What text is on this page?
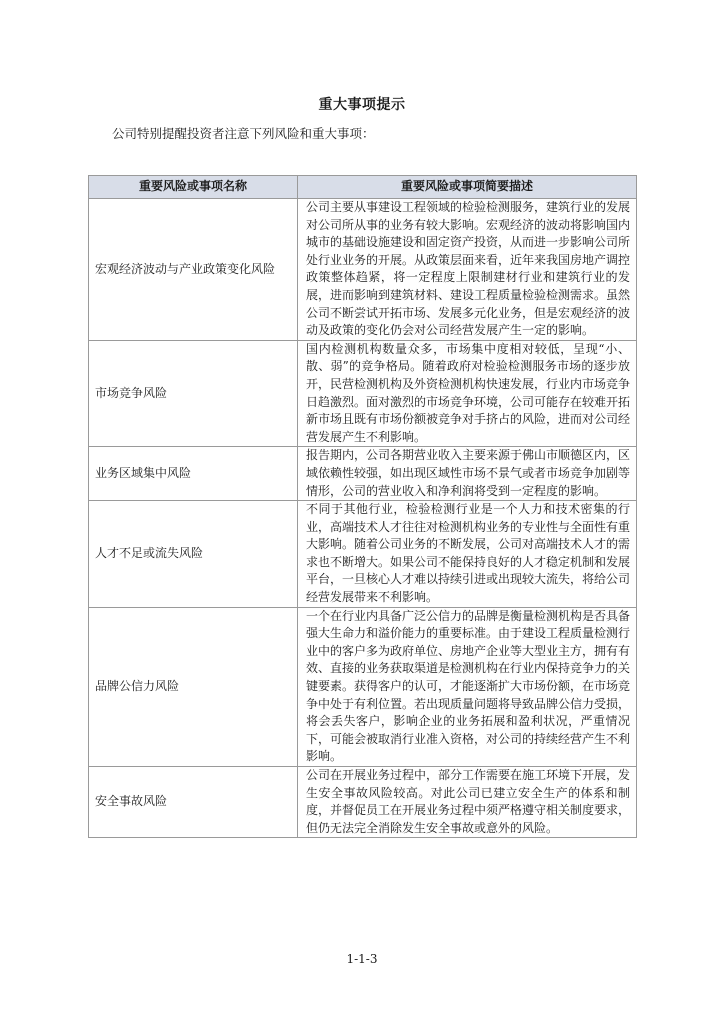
重大事项提示
公司特别提醒投资者注意下列风险和重大事项：
重要风险或事项名称	重要风险或事项简要描述
宏观经济波动与产业政策变化风险	公司主要从事建设工程领域的检验检测服务，建筑行业的发展对公司所从事的业务有较大影响。宏观经济的波动将影响国内城市的基础设施建设和固定资产投资，从而进一步影响公司所处行业业务的开展。从政策层面来看，近年来我国房地产调控政策整体趋紧，将一定程度上限制建材行业和建筑行业的发展，进而影响到建筑材料、建设工程质量检验检测需求。虽然公司不断尝试开拓市场、发展多元化业务，但是宏观经济的波动及政策的变化仍会对公司经营发展产生一定的影响。
市场竞争风险	国内检测机构数量众多，市场集中度相对较低，呈现“小、散、弱”的竞争格局。随着政府对检验检测服务市场的逐步放开，民营检测机构及外资检测机构快速发展，行业内市场竞争日趋激烈。面对激烈的市场竞争环境，公司可能存在较难开拓新市场且既有市场份额被竞争对手挤占的风险，进而对公司经营发展产生不利影响。
业务区域集中风险	报告期内，公司各期营业收入主要来源于佛山市顺德区内，区域依赖性较强，如出现区域性市场不景气或者市场竞争加剧等情形，公司的营业收入和净利润将受到一定程度的影响。
人才不足或流失风险	不同于其他行业，检验检测行业是一个人力和技术密集的行业，高端技术人才往往对检测机构业务的专业性与全面性有重大影响。随着公司业务的不断发展，公司对高端技术人才的需求也不断增大。如果公司不能保持良好的人才稳定机制和发展平台，一旦核心人才难以持续引进或出现较大流失，将给公司经营发展带来不利影响。
品牌公信力风险	一个在行业内具备广泛公信力的品牌是衡量检测机构是否具备强大生命力和溢价能力的重要标准。由于建设工程质量检测行业中的客户多为政府单位、房地产企业等大型业主方，拥有有效、直接的业务获取渠道是检测机构在行业内保持竞争力的关键要素。获得客户的认可，才能逐渐扩大市场份额，在市场竞争中处于有利位置。若出现质量问题将导致品牌公信力受损，将会丢失客户，影响企业的业务拓展和盈利状况，严重情况下，可能会被取消行业准入资格，对公司的持续经营产生不利影响。
安全事故风险	公司在开展业务过程中，部分工作需要在施工环境下开展，发生安全事故风险较高。对此公司已建立安全生产的体系和制度，并督促员工在开展业务过程中须严格遵守相关制度要求，但仍无法完全消除发生安全事故或意外的风险。
1-1-3
